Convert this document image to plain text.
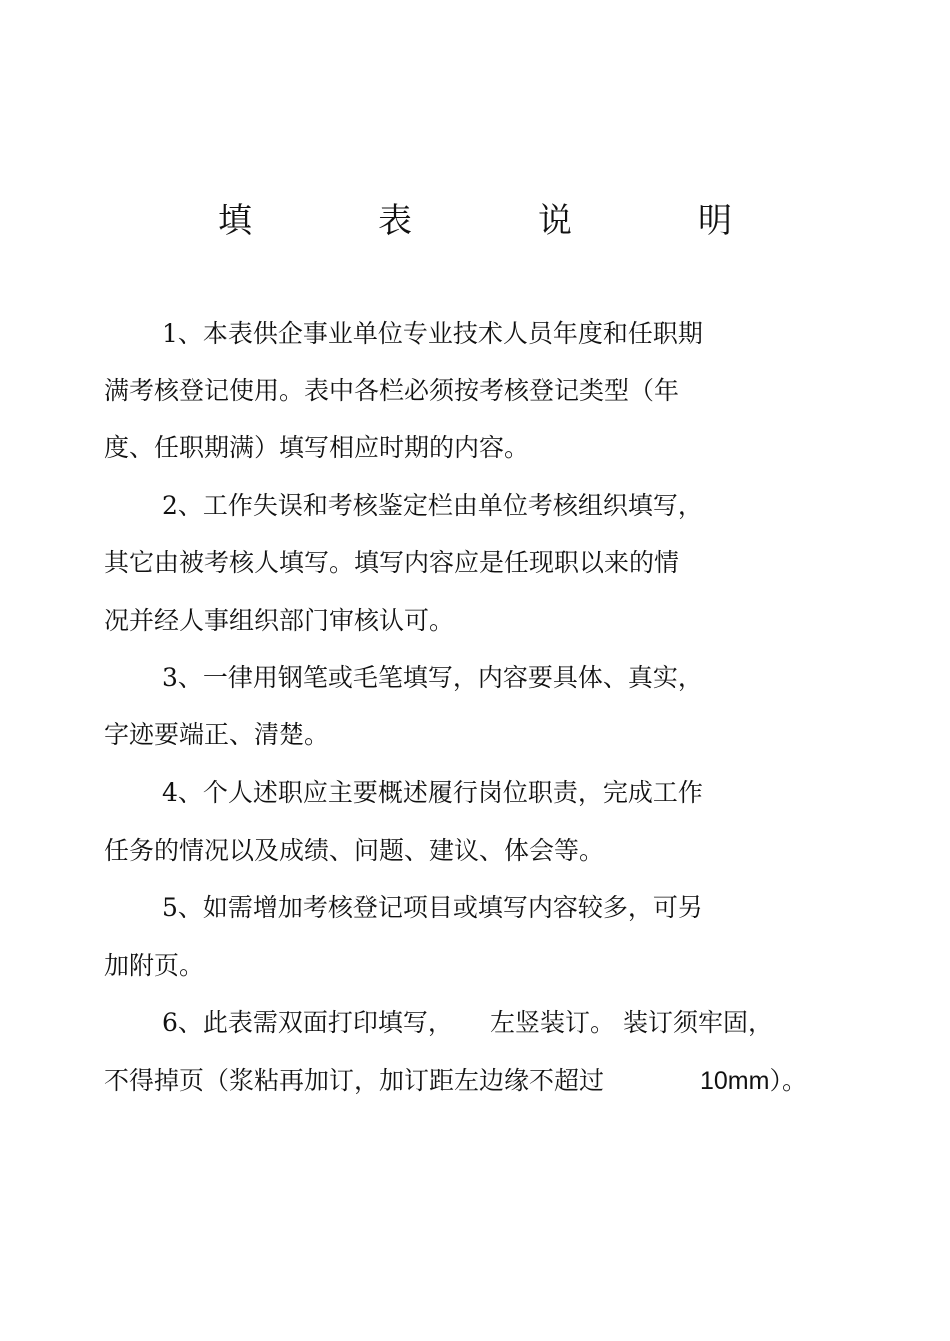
填　表　说　明
1、本表供企事业单位专业技术人员年度和任职期
满考核登记使用。表中各栏必须按考核登记类型（年
度、任职期满）填写相应时期的内容。
2、工作失误和考核鉴定栏由单位考核组织填写，
其它由被考核人填写。填写内容应是任现职以来的情
况并经人事组织部门审核认可。
3、一律用钢笔或毛笔填写，内容要具体、真实，
字迹要端正、清楚。
4、个人述职应主要概述履行岗位职责，完成工作
任务的情况以及成绩、问题、建议、体会等。
5、如需增加考核登记项目或填写内容较多，可另
加附页。
6、此表需双面打印填写， 左竖装订。 装订须牢固，
不得掉页（浆粘再加订，加订距左边缘不超过	10mm）。
